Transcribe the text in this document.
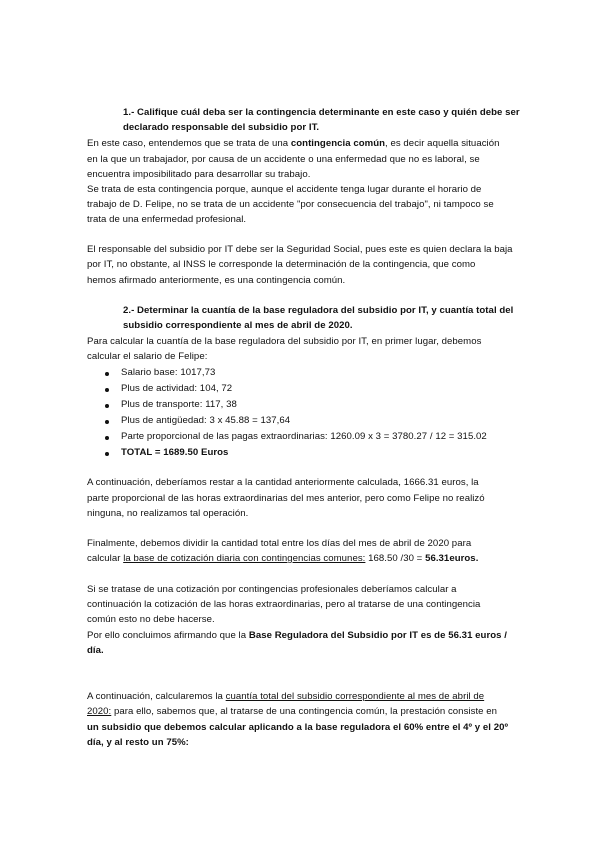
1.- Califique cuál deba ser la contingencia determinante en este caso y quién debe ser
declarado responsable del subsidio por IT.
En este caso, entendemos que se trata de una contingencia común, es decir aquella situación
en la que un trabajador, por causa de un accidente o una enfermedad que no es laboral, se
encuentra imposibilitado para desarrollar su trabajo.
Se trata de esta contingencia porque, aunque el accidente tenga lugar durante el horario de
trabajo de D. Felipe, no se trata de un accidente "por consecuencia del trabajo", ni tampoco se
trata de una enfermedad profesional.
El responsable del subsidio por IT debe ser la Seguridad Social, pues este es quien declara la baja
por IT, no obstante, al INSS le corresponde la determinación de la contingencia, que como
hemos afirmado anteriormente, es una contingencia común.
2.- Determinar la cuantía de la base reguladora del subsidio por IT, y cuantía total del
subsidio correspondiente al mes de abril de 2020.
Para calcular la cuantía de la base reguladora del subsidio por IT, en primer lugar, debemos
calcular el salario de Felipe:
Salario base: 1017,73
Plus de actividad: 104, 72
Plus de transporte: 117, 38
Plus de antigüedad: 3 x 45.88 = 137,64
Parte proporcional de las pagas extraordinarias: 1260.09 x 3 = 3780.27 / 12 = 315.02
TOTAL = 1689.50 Euros
A continuación, deberíamos restar a la cantidad anteriormente calculada, 1666.31 euros, la
parte proporcional de las horas extraordinarias del mes anterior, pero como Felipe no realizó
ninguna, no realizamos tal operación.
Finalmente, debemos dividir la cantidad total entre los días del mes de abril de 2020 para
calcular la base de cotización diaria con contingencias comunes: 168.50 /30 = 56.31euros.
Si se tratase de una cotización por contingencias profesionales deberíamos calcular a
continuación la cotización de las horas extraordinarias, pero al tratarse de una contingencia
común esto no debe hacerse.
Por ello concluimos afirmando que la Base Reguladora del Subsidio por IT es de 56.31 euros /
día.
A continuación, calcularemos la cuantía total del subsidio correspondiente al mes de abril de
2020: para ello, sabemos que, al tratarse de una contingencia común, la prestación consiste en
un subsidio que debemos calcular aplicando a la base reguladora el 60% entre el 4º y el 20º
día, y al resto un 75%:
